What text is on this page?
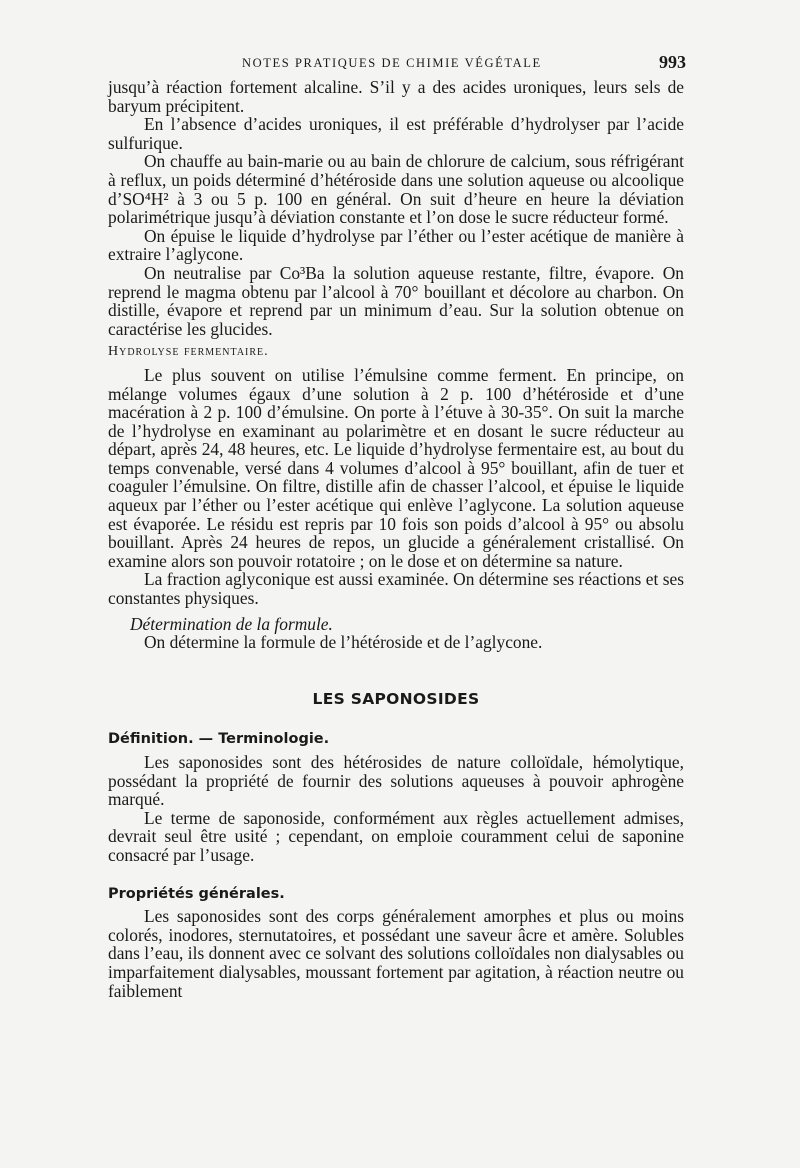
NOTES PRATIQUES DE CHIMIE VÉGÉTALE	993

jusqu’à réaction fortement alcaline. S’il y a des acides uroniques, leurs sels de baryum précipitent.

En l’absence d’acides uroniques, il est préférable d’hydrolyser par l’acide sulfurique.

On chauffe au bain-marie ou au bain de chlorure de calcium, sous réfrigérant à reflux, un poids déterminé d’hétéroside dans une solution aqueuse ou alcoolique d’SO⁴H² à 3 ou 5 p. 100 en général. On suit d’heure en heure la déviation polarimétrique jusqu’à déviation constante et l’on dose le sucre réducteur formé.

On épuise le liquide d’hydrolyse par l’éther ou l’ester acétique de manière à extraire l’aglycone.

On neutralise par Co³Ba la solution aqueuse restante, filtre, évapore. On reprend le magma obtenu par l’alcool à 70° bouillant et décolore au charbon. On distille, évapore et reprend par un minimum d’eau. Sur la solution obtenue on caractérise les glucides.

Hydrolyse fermentaire.

Le plus souvent on utilise l’émulsine comme ferment. En principe, on mélange volumes égaux d’une solution à 2 p. 100 d’hétéroside et d’une macération à 2 p. 100 d’émulsine. On porte à l’étuve à 30-35°. On suit la marche de l’hydrolyse en examinant au polarimètre et en dosant le sucre réducteur au départ, après 24, 48 heures, etc. Le liquide d’hydrolyse fermentaire est, au bout du temps convenable, versé dans 4 volumes d’alcool à 95° bouillant, afin de tuer et coaguler l’émulsine. On filtre, distille afin de chasser l’alcool, et épuise le liquide aqueux par l’éther ou l’ester acétique qui enlève l’aglycone. La solution aqueuse est évaporée. Le résidu est repris par 10 fois son poids d’alcool à 95° ou absolu bouillant. Après 24 heures de repos, un glucide a généralement cristallisé. On examine alors son pouvoir rotatoire ; on le dose et on détermine sa nature.

La fraction aglyconique est aussi examinée. On détermine ses réactions et ses constantes physiques.

Détermination de la formule.

On détermine la formule de l’hétéroside et de l’aglycone.

LES SAPONOSIDES
Définition. — Terminologie.

Les saponosides sont des hétérosides de nature colloïdale, hémolytique, possédant la propriété de fournir des solutions aqueuses à pouvoir aphrogène marqué.

Le terme de saponoside, conformément aux règles actuellement admises, devrait seul être usité ; cependant, on emploie couramment celui de saponine consacré par l’usage.

Propriétés générales.

Les saponosides sont des corps généralement amorphes et plus ou moins colorés, inodores, sternutatoires, et possédant une saveur âcre et amère. Solubles dans l’eau, ils donnent avec ce solvant des solutions colloïdales non dialysables ou imparfaitement dialysables, moussant fortement par agitation, à réaction neutre ou faiblement
